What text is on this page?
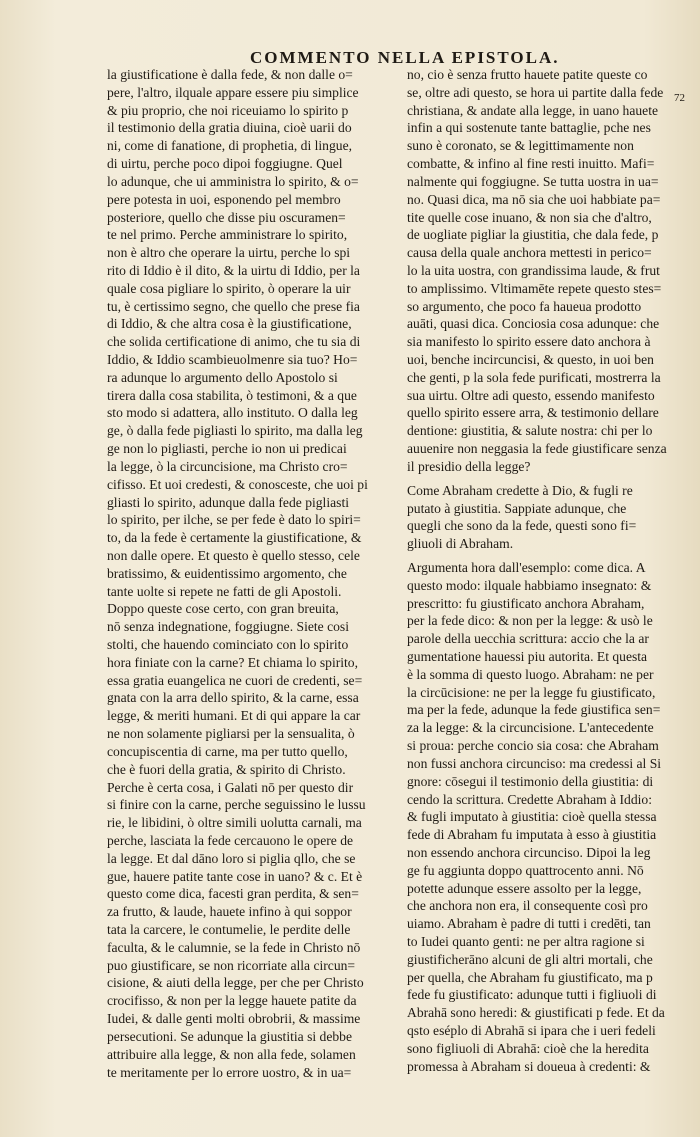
COMMENTO NELLA EPISTOLA.
72
la giustificatione è dalla fede, & non dalle o=
pere, l'altro, ilquale appare essere piu simplice
& piu proprio, che noi riceuiamo lo spirito p
il testimonio della gratia diuina, cioè uarii do
ni, come di fanatione, di prophetia, di lingue,
di uirtu, perche poco dipoi foggiugne. Quel
lo adunque, che ui amministra lo spirito, & o=
pere potesta in uoi, esponendo pel membro
posteriore, quello che disse piu oscuramen=
te nel primo. Perche amministrare lo spirito,
non è altro che operare la uirtu, perche lo spi
rito di Iddio è il dito, & la uirtu di Iddio, per la
quale cosa pigliare lo spirito, ò operare la uir
tu, è certissimo segno, che quello che prese fia
di Iddio, & che altra cosa è la giustificatione,
che solida certificatione di animo, che tu sia di
Iddio, & Iddio scambieuolmenre sia tuo? Ho=
ra adunque lo argumento dello Apostolo si
tirera dalla cosa stabilita, ò testimoni, & a que
sto modo si adattera, allo instituto. O dalla leg
ge, ò dalla fede pigliasti lo spirito, ma dalla leg
ge non lo pigliasti, perche io non ui predicai
la legge, ò la circuncisione, ma Christo cro=
cifisso. Et uoi credesti, & conosceste, che uoi pi
gliasti lo spirito, adunque dalla fede pigliasti
lo spirito, per ilche, se per fede è dato lo spiri=
to, da la fede è certamente la giustificatione, &
non dalle opere. Et questo è quello stesso, cele
bratissimo, & euidentissimo argomento, che
tante uolte si repete ne fatti de gli Apostoli.
Doppo queste cose certo, con gran breuita,
nō senza indegnatione, foggiugne. Siete cosi
stolti, che hauendo cominciato con lo spirito
hora finiate con la carne? Et chiama lo spirito,
essa gratia euangelica ne cuori de credenti, se=
gnata con la arra dello spirito, & la carne, essa
legge, & meriti humani. Et di qui appare la car
ne non solamente pigliarsi per la sensualita, ò
concupiscentia di carne, ma per tutto quello,
che è fuori della gratia, & spirito di Christo.
Perche è certa cosa, i Galati nō per questo dir
si finire con la carne, perche seguissino le lussu
rie, le libidini, ò oltre simili uolutta carnali, ma
perche, lasciata la fede cercauono le opere de
la legge. Et dal dāno loro si piglia qllo, che se
gue, hauere patite tante cose in uano? & c. Et è
questo come dica, facesti gran perdita, & sen=
za frutto, & laude, hauete infino à qui soppor
tata la carcere, le contumelie, le perdite delle
faculta, & le calumnie, se la fede in Christo nō
puo giustificare, se non ricorriate alla circun=
cisione, & aiuti della legge, per che per Christo
crocifisso, & non per la legge hauete patite da
Iudei, & dalle genti molti obrobrii, & massime
persecutioni. Se adunque la giustitia si debbe
attribuire alla legge, & non alla fede, solamen
te meritamente per lo errore uostro, & in ua=
no, cio è senza frutto hauete patite queste co
se, oltre adi questo, se hora ui partite dalla fede
christiana, & andate alla legge, in uano hauete
infin a qui sostenute tante battaglie, pche nes
suno è coronato, se & legittimamente non
combatte, & infino al fine resti inuitto. Mafi=
nalmente qui foggiugne. Se tutta uostra in ua=
no. Quasi dica, ma nō sia che uoi habbiate pa=
tite quelle cose inuano, & non sia che d'altro,
de uogliate pigliar la giustitia, che dala fede, p
causa della quale anchora mettesti in perico=
lo la uita uostra, con grandissima laude, & frut
to amplissimo. Vltimamēte repete questo stes=
so argumento, che poco fa haueua prodotto
auāti, quasi dica. Conciosia cosa adunque: che
sia manifesto lo spirito essere dato anchora à
uoi, benche incircuncisi, & questo, in uoi ben
che genti, p la sola fede purificati, mostrerra la
sua uirtu. Oltre adi questo, essendo manifesto
quello spirito essere arra, & testimonio dellare
dentione: giustitia, & salute nostra: chi per lo
auuenire non neggasia la fede giustificare senza
il presidio della legge?
Come Abraham credette à Dio, & fugli re
putato à giustitia. Sappiate adunque, che
quegli che sono da la fede, questi sono fi=
gliuoli di Abraham.
Argumenta hora dall'esemplo: come dica. A
questo modo: ilquale habbiamo insegnato: &
prescritto: fu giustificato anchora Abraham,
per la fede dico: & non per la legge: & usò le
parole della uecchia scrittura: accio che la ar
gumentatione hauessi piu autorita. Et questa
è la somma di questo luogo. Abraham: ne per
la circūcisione: ne per la legge fu giustificato,
ma per la fede, adunque la fede giustifica sen=
za la legge: & la circuncisione. L'antecedente
si proua: perche concio sia cosa: che Abraham
non fussi anchora circunciso: ma credessi al Si
gnore: cōsegui il testimonio della giustitia: di
cendo la scrittura. Credette Abraham à Iddio:
& fugli imputato à giustitia: cioè quella stessa
fede di Abraham fu imputata à esso à giustitia
non essendo anchora circunciso. Dipoi la leg
ge fu aggiunta doppo quattrocento anni. Nō
potette adunque essere assolto per la legge,
che anchora non era, il consequente così pro
uiamo. Abraham è padre di tutti i credēti, tan
to Iudei quanto genti: ne per altra ragione si
giustificherāno alcuni de gli altri mortali, che
per quella, che Abraham fu giustificato, ma p
fede fu giustificato: adunque tutti i figliuoli di
Abrahā sono heredi: & giustificati p fede. Et da
qsto eséplo di Abrahā si ipara che i ueri fedeli
sono figliuoli di Abrahā: cioè che la heredita
promessa à Abraham si doueua à credenti: &
